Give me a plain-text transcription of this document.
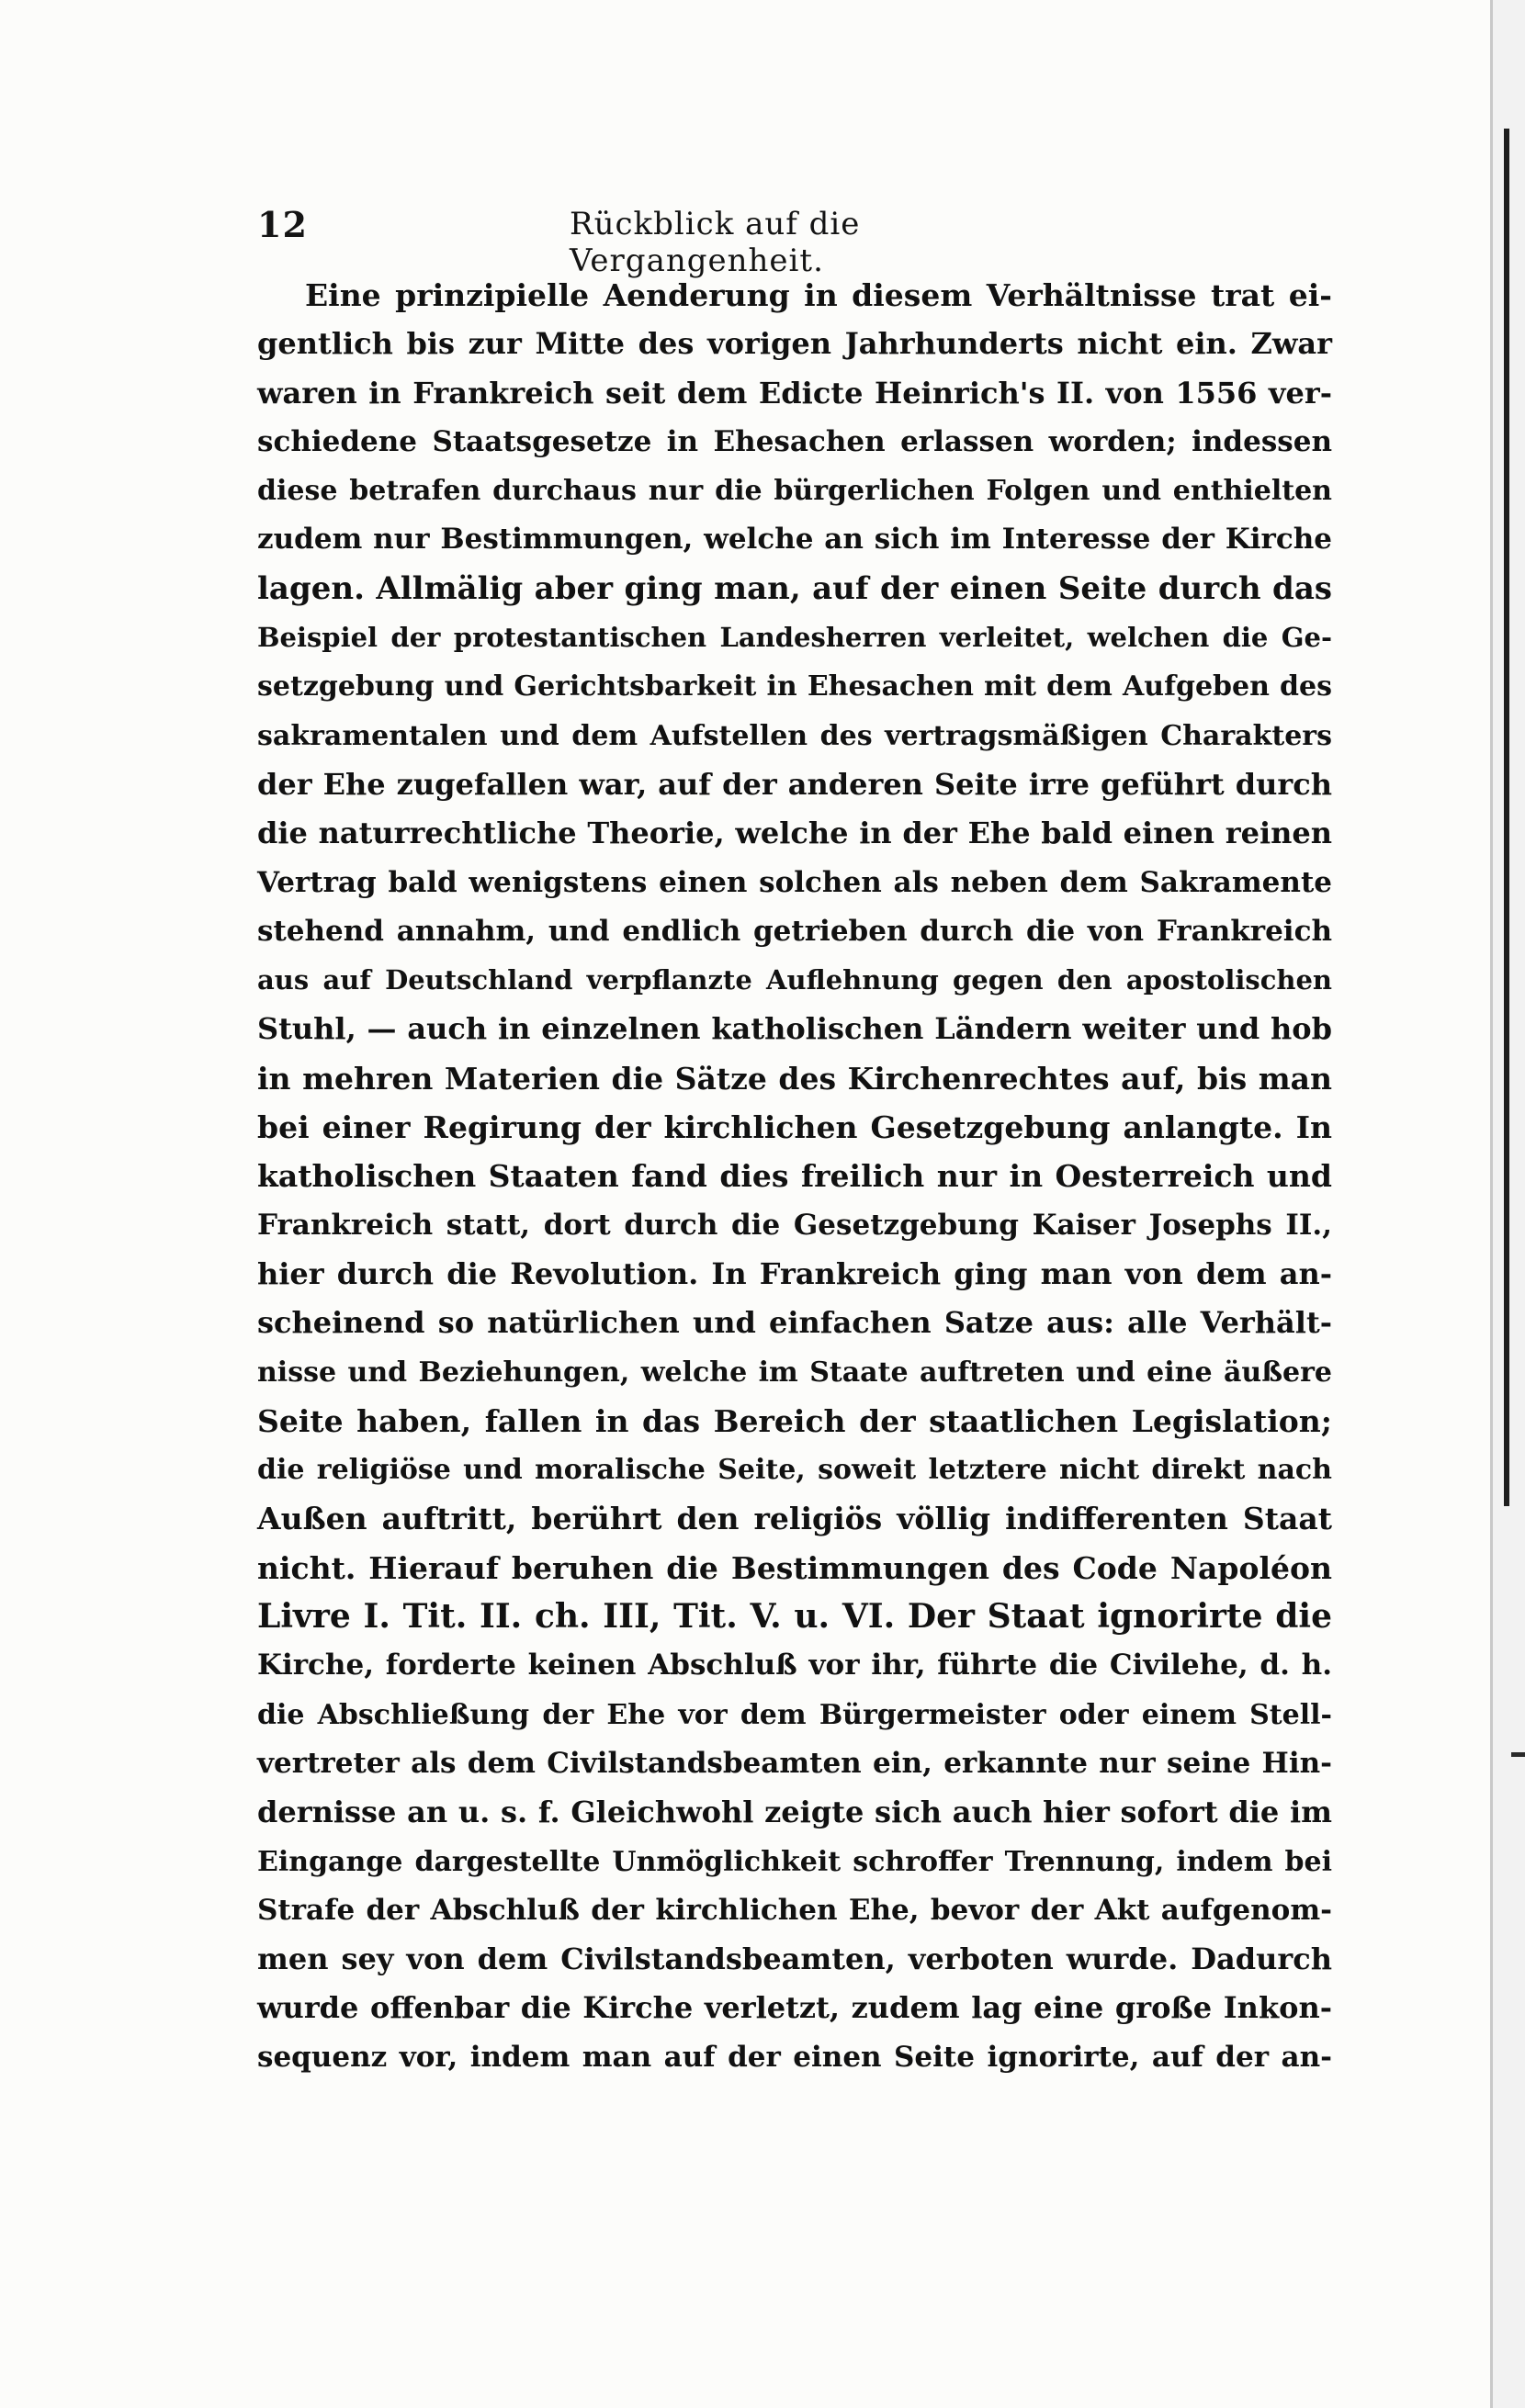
12	Rückblick auf die Vergangenheit.
Eine prinzipielle Aenderung in diesem Verhältnisse trat ei-
gentlich bis zur Mitte des vorigen Jahrhunderts nicht ein. Zwar
waren in Frankreich seit dem Edicte Heinrich's II. von 1556 ver-
schiedene Staatsgesetze in Ehesachen erlassen worden; indessen
diese betrafen durchaus nur die bürgerlichen Folgen und enthielten
zudem nur Bestimmungen, welche an sich im Interesse der Kirche
lagen. Allmälig aber ging man, auf der einen Seite durch das
Beispiel der protestantischen Landesherren verleitet, welchen die Ge-
setzgebung und Gerichtsbarkeit in Ehesachen mit dem Aufgeben des
sakramentalen und dem Aufstellen des vertragsmäßigen Charakters
der Ehe zugefallen war, auf der anderen Seite irre geführt durch
die naturrechtliche Theorie, welche in der Ehe bald einen reinen
Vertrag bald wenigstens einen solchen als neben dem Sakramente
stehend annahm, und endlich getrieben durch die von Frankreich
aus auf Deutschland verpflanzte Auflehnung gegen den apostolischen
Stuhl, — auch in einzelnen katholischen Ländern weiter und hob
in mehren Materien die Sätze des Kirchenrechtes auf, bis man
bei einer Regirung der kirchlichen Gesetzgebung anlangte. In
katholischen Staaten fand dies freilich nur in Oesterreich und
Frankreich statt, dort durch die Gesetzgebung Kaiser Josephs II.,
hier durch die Revolution. In Frankreich ging man von dem an-
scheinend so natürlichen und einfachen Satze aus: alle Verhält-
nisse und Beziehungen, welche im Staate auftreten und eine äußere
Seite haben, fallen in das Bereich der staatlichen Legislation;
die religiöse und moralische Seite, soweit letztere nicht direkt nach
Außen auftritt, berührt den religiös völlig indifferenten Staat
nicht. Hierauf beruhen die Bestimmungen des Code Napoléon
Livre I. Tit. II. ch. III, Tit. V. u. VI. Der Staat ignorirte die
Kirche, forderte keinen Abschluß vor ihr, führte die Civilehe, d. h.
die Abschließung der Ehe vor dem Bürgermeister oder einem Stell-
vertreter als dem Civilstandsbeamten ein, erkannte nur seine Hin-
dernisse an u. s. f. Gleichwohl zeigte sich auch hier sofort die im
Eingange dargestellte Unmöglichkeit schroffer Trennung, indem bei
Strafe der Abschluß der kirchlichen Ehe, bevor der Akt aufgenom-
men sey von dem Civilstandsbeamten, verboten wurde. Dadurch
wurde offenbar die Kirche verletzt, zudem lag eine große Inkon-
sequenz vor, indem man auf der einen Seite ignorirte, auf der an-
